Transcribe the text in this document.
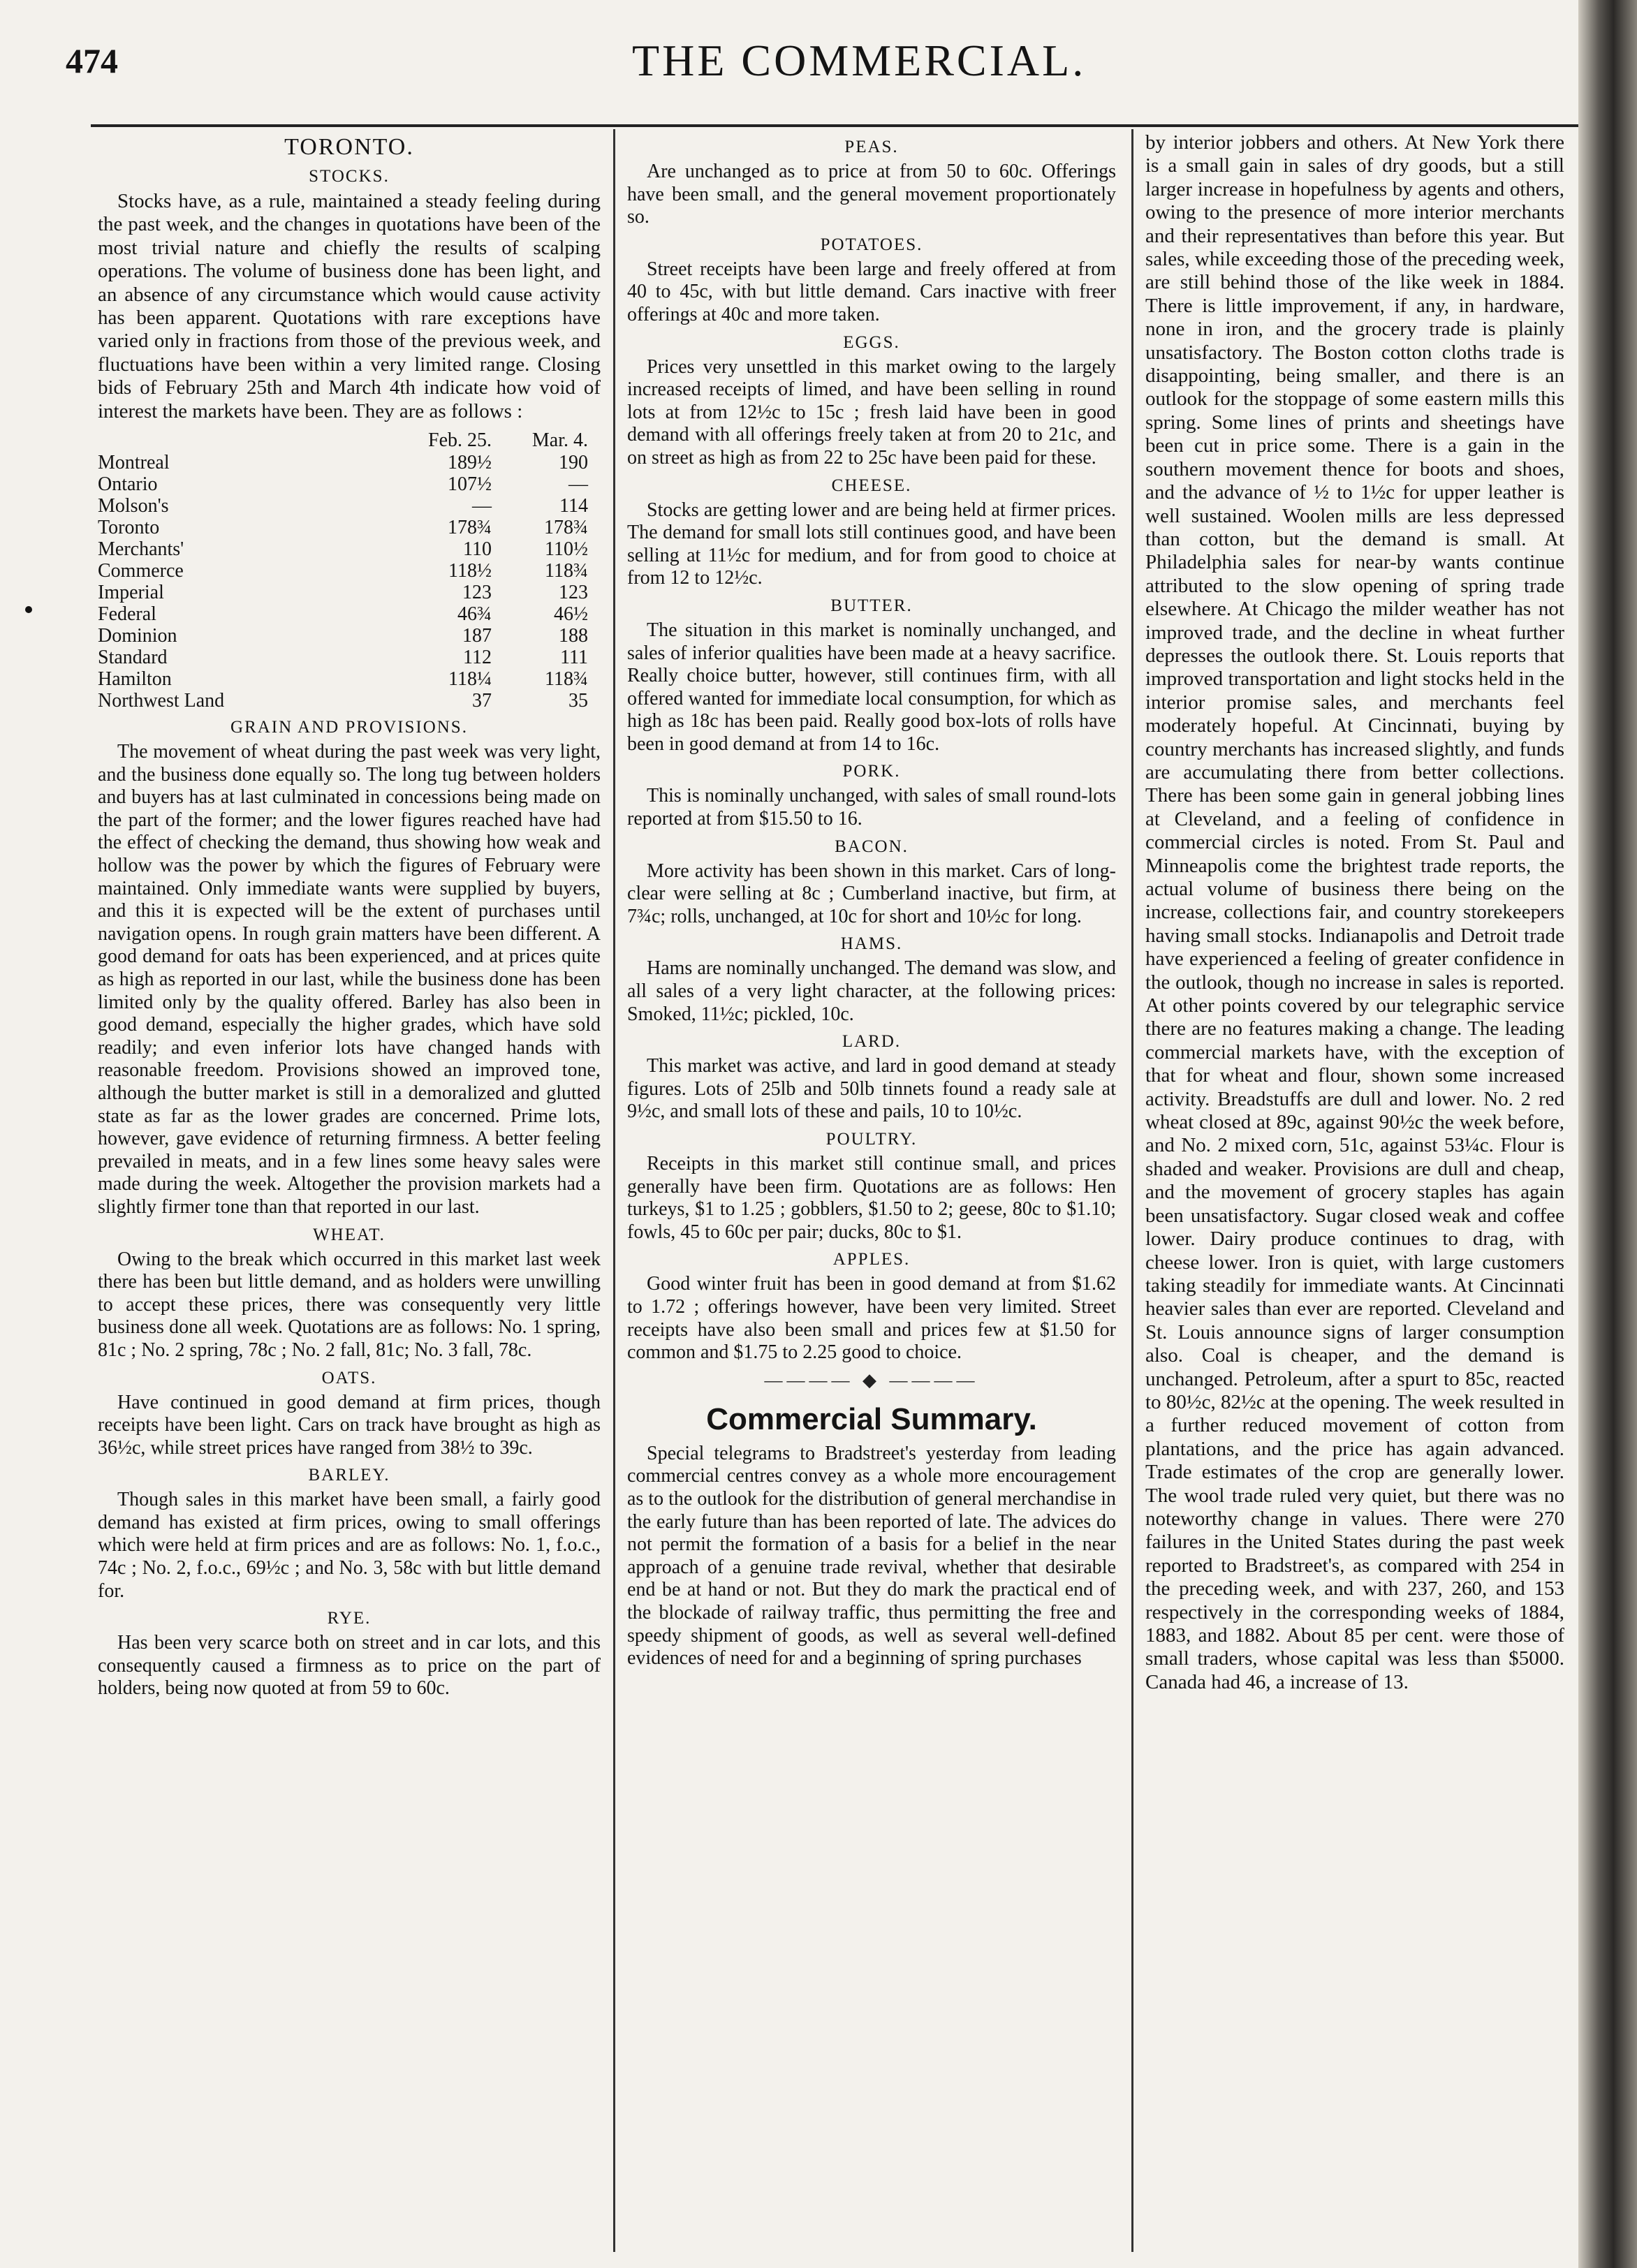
474	THE COMMERCIAL.
TORONTO.
STOCKS.

Stocks have, as a rule, maintained a steady feeling during the past week, and the changes in quotations have been of the most trivial nature and chiefly the results of scalping operations. The volume of business done has been light, and an absence of any circumstance which would cause activity has been apparent. Quotations with rare exceptions have varied only in fractions from those of the previous week, and fluctuations have been within a very limited range. Closing bids of February 25th and March 4th indicate how void of interest the markets have been. They are as follows :

	Feb. 25.	Mar. 4.
Montreal	189½	190
Ontario	107½	—
Molson's	—	114
Toronto	178¾	178¾
Merchants'	110	110½
Commerce	118½	118¾
Imperial	123	123
Federal	46¾	46½
Dominion	187	188
Standard	112	111
Hamilton	118¼	118¾
Northwest Land	37	35
GRAIN AND PROVISIONS.

The movement of wheat during the past week was very light, and the business done equally so. The long tug between holders and buyers has at last culminated in concessions being made on the part of the former; and the lower figures reached have had the effect of checking the demand, thus showing how weak and hollow was the power by which the figures of February were maintained. Only immediate wants were supplied by buyers, and this it is expected will be the extent of purchases until navigation opens. In rough grain matters have been different. A good demand for oats has been experienced, and at prices quite as high as reported in our last, while the business done has been limited only by the quality offered. Barley has also been in good demand, especially the higher grades, which have sold readily; and even inferior lots have changed hands with reasonable freedom. Provisions showed an improved tone, although the butter market is still in a demoralized and glutted state as far as the lower grades are concerned. Prime lots, however, gave evidence of returning firmness. A better feeling prevailed in meats, and in a few lines some heavy sales were made during the week. Altogether the provision markets had a slightly firmer tone than that reported in our last.

WHEAT.

Owing to the break which occurred in this market last week there has been but little demand, and as holders were unwilling to accept these prices, there was consequently very little business done all week. Quotations are as follows: No. 1 spring, 81c ; No. 2 spring, 78c ; No. 2 fall, 81c; No. 3 fall, 78c.

OATS.

Have continued in good demand at firm prices, though receipts have been light. Cars on track have brought as high as 36½c, while street prices have ranged from 38½ to 39c.

BARLEY.

Though sales in this market have been small, a fairly good demand has existed at firm prices, owing to small offerings which were held at firm prices and are as follows: No. 1, f.o.c., 74c ; No. 2, f.o.c., 69½c ; and No. 3, 58c with but little demand for.

RYE.

Has been very scarce both on street and in car lots, and this consequently caused a firmness as to price on the part of holders, being now quoted at from 59 to 60c.

PEAS.

Are unchanged as to price at from 50 to 60c. Offerings have been small, and the general movement proportionately so.

POTATOES.

Street receipts have been large and freely offered at from 40 to 45c, with but little demand. Cars inactive with freer offerings at 40c and more taken.

EGGS.

Prices very unsettled in this market owing to the largely increased receipts of limed, and have been selling in round lots at from 12½c to 15c ; fresh laid have been in good demand with all offerings freely taken at from 20 to 21c, and on street as high as from 22 to 25c have been paid for these.

CHEESE.

Stocks are getting lower and are being held at firmer prices. The demand for small lots still continues good, and have been selling at 11½c for medium, and for from good to choice at from 12 to 12½c.

BUTTER.

The situation in this market is nominally unchanged, and sales of inferior qualities have been made at a heavy sacrifice. Really choice butter, however, still continues firm, with all offered wanted for immediate local consumption, for which as high as 18c has been paid. Really good box-lots of rolls have been in good demand at from 14 to 16c.

PORK.

This is nominally unchanged, with sales of small round-lots reported at from $15.50 to 16.

BACON.

More activity has been shown in this market. Cars of long-clear were selling at 8c ; Cumberland inactive, but firm, at 7¾c; rolls, unchanged, at 10c for short and 10½c for long.

HAMS.

Hams are nominally unchanged. The demand was slow, and all sales of a very light character, at the following prices: Smoked, 11½c; pickled, 10c.

LARD.

This market was active, and lard in good demand at steady figures. Lots of 25lb and 50lb tinnets found a ready sale at 9½c, and small lots of these and pails, 10 to 10½c.

POULTRY.

Receipts in this market still continue small, and prices generally have been firm. Quotations are as follows: Hen turkeys, $1 to 1.25 ; gobblers, $1.50 to 2; geese, 80c to $1.10; fowls, 45 to 60c per pair; ducks, 80c to $1.

APPLES.

Good winter fruit has been in good demand at from $1.62 to 1.72 ; offerings however, have been very limited. Street receipts have also been small and prices few at $1.50 for common and $1.75 to 2.25 good to choice.

———— ◆ ————
Commercial Summary.

Special telegrams to Bradstreet's yesterday from leading commercial centres convey as a whole more encouragement as to the outlook for the distribution of general merchandise in the early future than has been reported of late. The advices do not permit the formation of a basis for a belief in the near approach of a genuine trade revival, whether that desirable end be at hand or not. But they do mark the practical end of the blockade of railway traffic, thus permitting the free and speedy shipment of goods, as well as several well-defined evidences of need for and a beginning of spring purchases

by interior jobbers and others. At New York there is a small gain in sales of dry goods, but a still larger increase in hopefulness by agents and others, owing to the presence of more interior merchants and their representatives than before this year. But sales, while exceeding those of the preceding week, are still behind those of the like week in 1884. There is little improvement, if any, in hardware, none in iron, and the grocery trade is plainly unsatisfactory. The Boston cotton cloths trade is disappointing, being smaller, and there is an outlook for the stoppage of some eastern mills this spring. Some lines of prints and sheetings have been cut in price some. There is a gain in the southern movement thence for boots and shoes, and the advance of ½ to 1½c for upper leather is well sustained. Woolen mills are less depressed than cotton, but the demand is small. At Philadelphia sales for near-by wants continue attributed to the slow opening of spring trade elsewhere. At Chicago the milder weather has not improved trade, and the decline in wheat further depresses the outlook there. St. Louis reports that improved transportation and light stocks held in the interior promise sales, and merchants feel moderately hopeful. At Cincinnati, buying by country merchants has increased slightly, and funds are accumulating there from better collections. There has been some gain in general jobbing lines at Cleveland, and a feeling of confidence in commercial circles is noted. From St. Paul and Minneapolis come the brightest trade reports, the actual volume of business there being on the increase, collections fair, and country storekeepers having small stocks. Indianapolis and Detroit trade have experienced a feeling of greater confidence in the outlook, though no increase in sales is reported. At other points covered by our telegraphic service there are no features making a change. The leading commercial markets have, with the exception of that for wheat and flour, shown some increased activity. Breadstuffs are dull and lower. No. 2 red wheat closed at 89c, against 90½c the week before, and No. 2 mixed corn, 51c, against 53¼c. Flour is shaded and weaker. Provisions are dull and cheap, and the movement of grocery staples has again been unsatisfactory. Sugar closed weak and coffee lower. Dairy produce continues to drag, with cheese lower. Iron is quiet, with large customers taking steadily for immediate wants. At Cincinnati heavier sales than ever are reported. Cleveland and St. Louis announce signs of larger consumption also. Coal is cheaper, and the demand is unchanged. Petroleum, after a spurt to 85c, reacted to 80½c, 82½c at the opening. The week resulted in a further reduced movement of cotton from plantations, and the price has again advanced. Trade estimates of the crop are generally lower. The wool trade ruled very quiet, but there was no noteworthy change in values. There were 270 failures in the United States during the past week reported to Bradstreet's, as compared with 254 in the preceding week, and with 237, 260, and 153 respectively in the corresponding weeks of 1884, 1883, and 1882. About 85 per cent. were those of small traders, whose capital was less than $5000. Canada had 46, a increase of 13.
